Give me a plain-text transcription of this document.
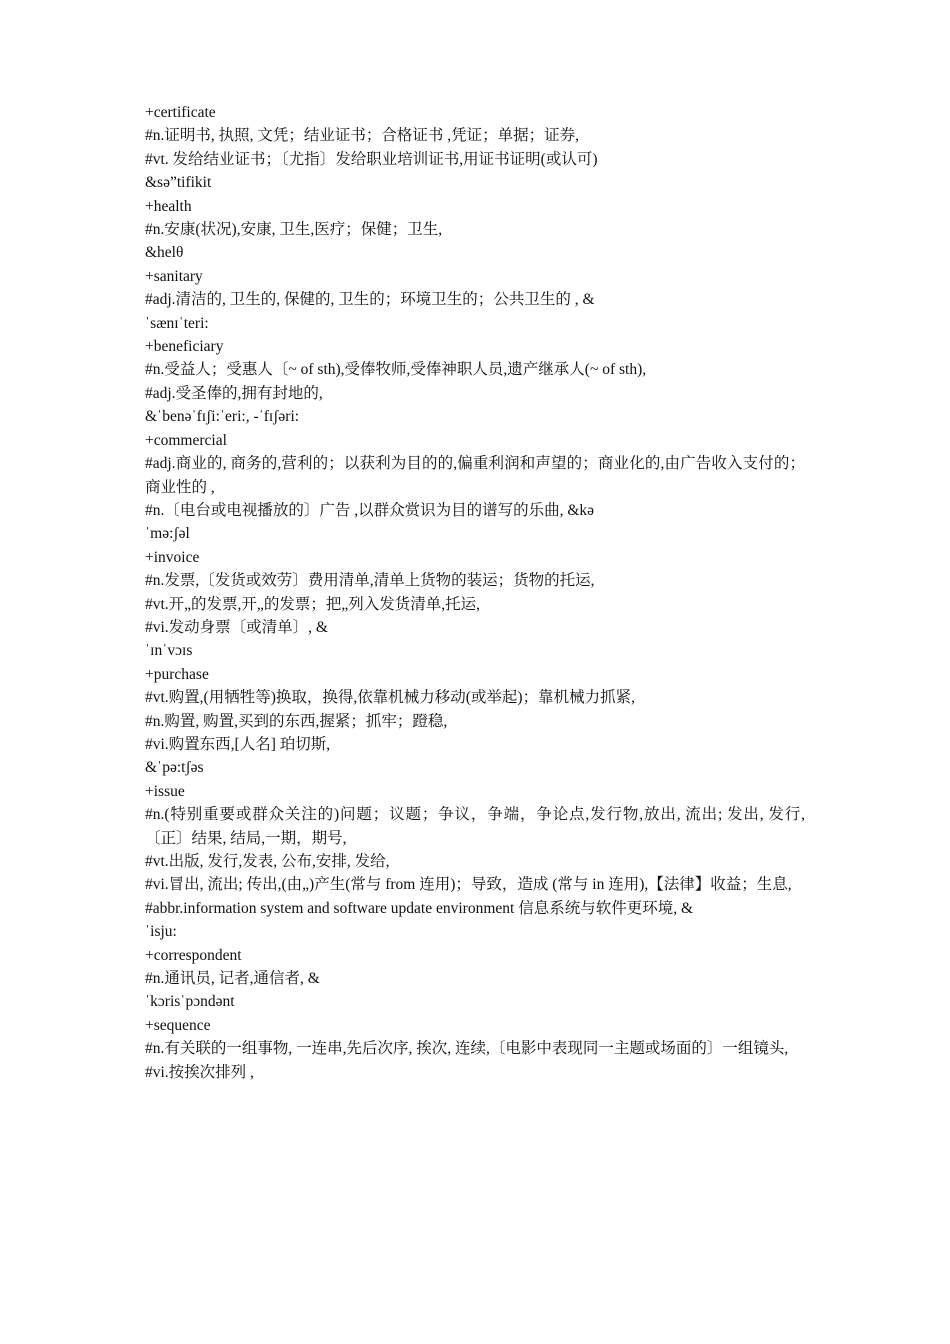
+certificate
#n.证明书, 执照, 文凭；结业证书；合格证书 ,凭证；单据；证券,
#vt. 发给结业证书；〔尤指〕发给职业培训证书,用证书证明(或认可)
&sə”tifikit
+health
#n.安康(状况),安康, 卫生,医疗；保健；卫生,
&helθ
+sanitary
#adj.清洁的, 卫生的, 保健的, 卫生的；环境卫生的；公共卫生的 , &
ˈsænɪˈteri:
+beneficiary
#n.受益人；受惠人〔~ of sth),受俸牧师,受俸神职人员,遗产继承人(~ of sth),
#adj.受圣俸的,拥有封地的,
&ˈbenəˈfɪʃi:ˈeri:, -ˈfɪʃəri:
+commercial
#adj.商业的, 商务的,营利的；以获利为目的的,偏重利润和声望的；商业化的,由广告收入支付的；商业性的 ,
#n.〔电台或电视播放的〕广告 ,以群众赏识为目的谱写的乐曲, &kə
ˈmə:ʃəl
+invoice
#n.发票,〔发货或效劳〕费用清单,清单上货物的装运；货物的托运,
#vt.开„的发票,开„的发票；把„列入发货清单,托运,
#vi.发动身票〔或清单〕, &
ˈɪnˈvɔɪs
+purchase
#vt.购置,(用牺牲等)换取，换得,依靠机械力移动(或举起)；靠机械力抓紧,
#n.购置, 购置,买到的东西,握紧；抓牢；蹬稳,
#vi.购置东西,[人名] 珀切斯,
&ˈpə:tʃəs
+issue
#n.(特别重要或群众关注的)问题；议题；争议，争端，争论点,发行物,放出, 流出; 发出, 发行,〔正〕结果, 结局,一期，期号,
#vt.出版, 发行,发表, 公布,安排, 发给,
#vi.冒出, 流出; 传出,(由„)产生(常与 from 连用)；导致，造成 (常与 in 连用),【法律】收益；生息,
#abbr.information system and software update environment 信息系统与软件更环境, &
ˈisju:
+correspondent
#n.通讯员, 记者,通信者, &
ˈkɔrisˈpɔndənt
+sequence
#n.有关联的一组事物, 一连串,先后次序, 挨次, 连续,〔电影中表现同一主题或场面的〕一组镜头,
#vi.按挨次排列 ,
